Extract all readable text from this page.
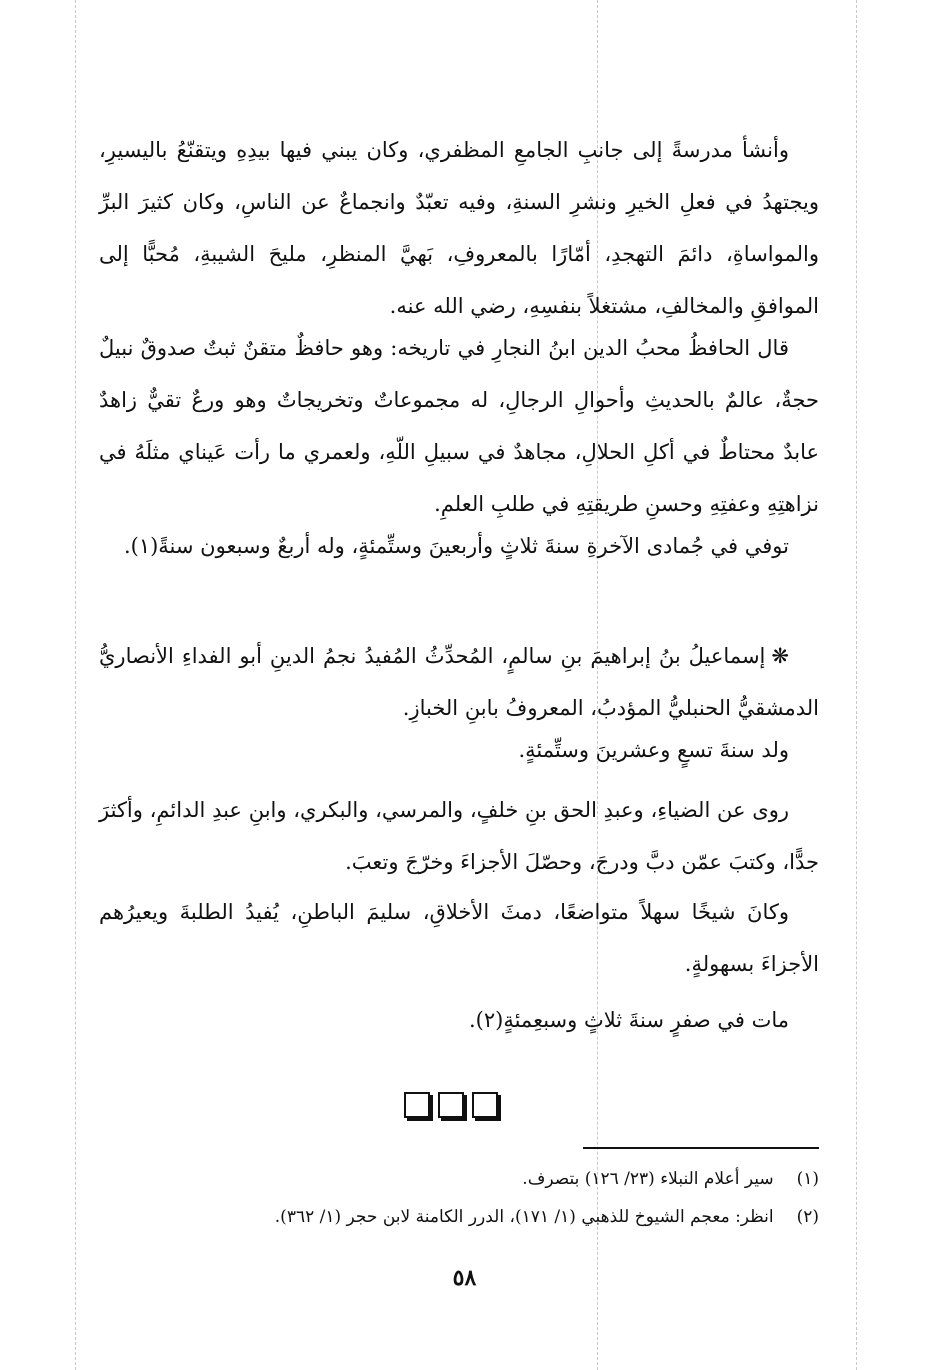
وأنشأ مدرسةً إلى جانبِ الجامعِ المظفري، وكان يبني فيها بيدِهِ ويتقنّعُ باليسيرِ، ويجتهدُ في فعلِ الخيرِ ونشرِ السنةِ، وفيه تعبّدٌ وانجماعٌ عن الناسِ، وكان كثيرَ البرِّ والمواساةِ، دائمَ التهجدِ، أمّارًا بالمعروفِ، بَهيَّ المنظرِ، مليحَ الشيبةِ، مُحبًّا إلى الموافقِ والمخالفِ، مشتغلاً بنفسِهِ، رضي الله عنه.

قال الحافظُ محبُ الدين ابنُ النجارِ في تاريخه: وهو حافظٌ متقنٌ ثبتٌ صدوقٌ نبيلٌ حجةٌ، عالمٌ بالحديثِ وأحوالِ الرجالِ، له مجموعاتٌ وتخريجاتٌ وهو ورعٌ تقيٌّ زاهدٌ عابدٌ محتاطٌ في أكلِ الحلالِ، مجاهدٌ في سبيلِ اللّهِ، ولعمري ما رأت عَيناي مثلَهُ في نزاهتِهِ وعفتِهِ وحسنِ طريقتِهِ في طلبِ العلمِ.

توفي في جُمادى الآخرةِ سنةَ ثلاثٍ وأربعينَ وستِّمئةٍ، وله أربعٌ وسبعون سنةً(١).

❋إسماعيلُ بنُ إبراهيمَ بنِ سالمٍ، المُحدِّثُ المُفيدُ نجمُ الدينِ أبو الفداءِ الأنصاريُّ الدمشقيُّ الحنبليُّ المؤدبُ، المعروفُ بابنِ الخبازِ.

ولد سنةَ تسعٍ وعشرينَ وستِّمئةٍ.

روى عن الضياءِ، وعبدِ الحق بنِ خلفٍ، والمرسي، والبكري، وابنِ عبدِ الدائمِ، وأكثرَ جدًّا، وكتبَ عمّن دبَّ ودرجَ، وحصّلَ الأجزاءَ وخرّجَ وتعبَ.

وكانَ شيخًا سهلاً متواضعًا، دمثَ الأخلاقِ، سليمَ الباطنِ، يُفيدُ الطلبةَ ويعيرُهم الأجزاءَ بسهولةٍ.

مات في صفرٍ سنةَ ثلاثٍ وسبعِمئةٍ(٢).

(١) سير أعلام النبلاء (٢٣/ ١٢٦) بتصرف.

(٢) انظر: معجم الشيوخ للذهبي (١/ ١٧١)، الدرر الكامنة لابن حجر (١/ ٣٦٢).

٥٨
